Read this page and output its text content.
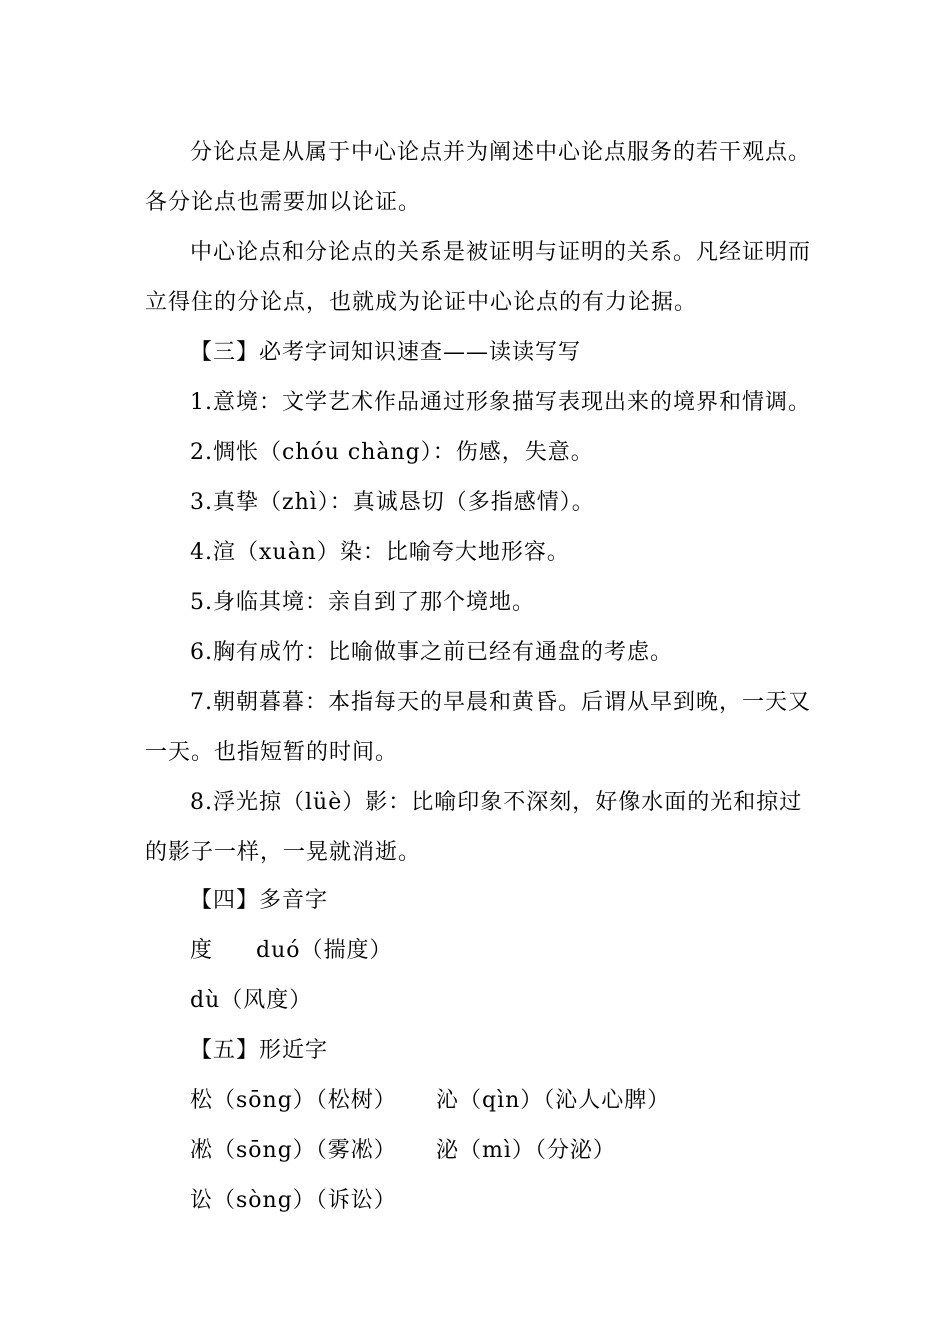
分论点是从属于中心论点并为阐述中心论点服务的若干观点。
各分论点也需要加以论证。
中心论点和分论点的关系是被证明与证明的关系。凡经证明而
立得住的分论点，也就成为论证中心论点的有力论据。
【三】必考字词知识速查——读读写写
1.意境：文学艺术作品通过形象描写表现出来的境界和情调。
2.惆怅（chóu chàng）：伤感，失意。
3.真挚（zhì）：真诚恳切（多指感情）。
4.渲（xuàn）染：比喻夸大地形容。
5.身临其境：亲自到了那个境地。
6.胸有成竹：比喻做事之前已经有通盘的考虑。
7.朝朝暮暮：本指每天的早晨和黄昏。后谓从早到晚，一天又
一天。也指短暂的时间。
8.浮光掠（lüè）影：比喻印象不深刻，好像水面的光和掠过
的影子一样，一晃就消逝。
【四】多音字
度 duó（揣度）
dù（风度）
【五】形近字
松（sōng）（松树） 沁（qìn）（沁人心脾）
凇（sōng）（雾凇） 泌（mì）（分泌）
讼（sòng）（诉讼）
